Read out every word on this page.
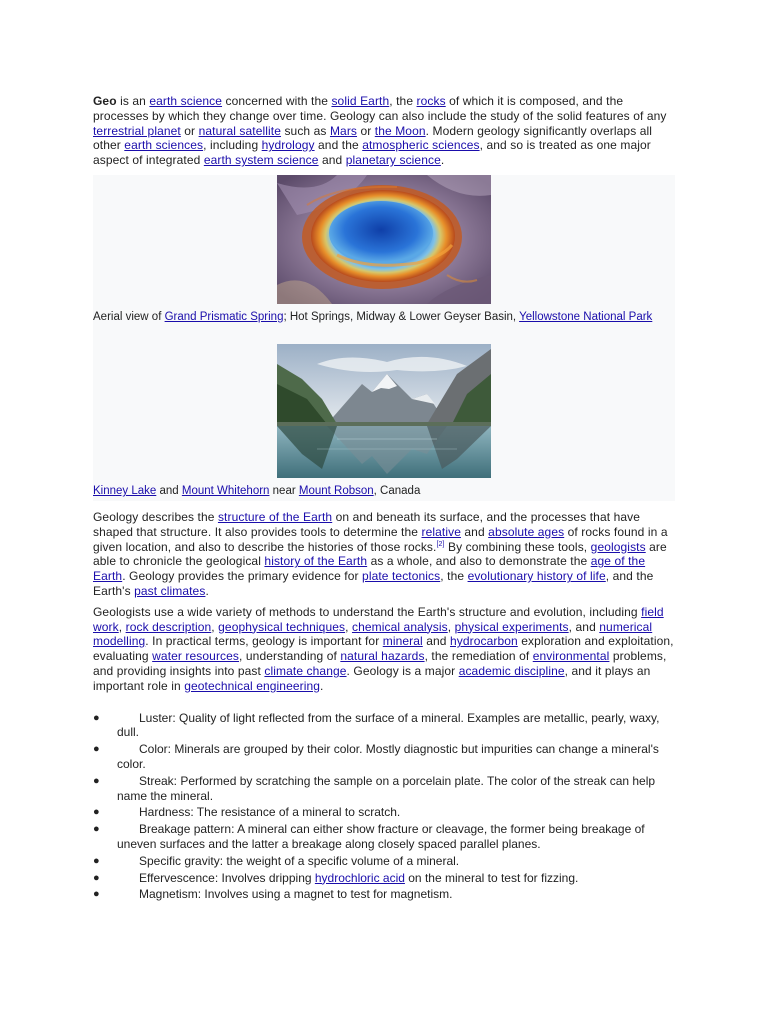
Geo is an earth science concerned with the solid Earth, the rocks of which it is composed, and the processes by which they change over time. Geology can also include the study of the solid features of any terrestrial planet or natural satellite such as Mars or the Moon. Modern geology significantly overlaps all other earth sciences, including hydrology and the atmospheric sciences, and so is treated as one major aspect of integrated earth system science and planetary science.

Aerial view of Grand Prismatic Spring; Hot Springs, Midway & Lower Geyser Basin, Yellowstone National Park
Kinney Lake and Mount Whitehorn near Mount Robson, Canada

Geology describes the structure of the Earth on and beneath its surface, and the processes that have shaped that structure. It also provides tools to determine the relative and absolute ages of rocks found in a given location, and also to describe the histories of those rocks.[2] By combining these tools, geologists are able to chronicle the geological history of the Earth as a whole, and also to demonstrate the age of the Earth. Geology provides the primary evidence for plate tectonics, the evolutionary history of life, and the Earth's past climates.

Geologists use a wide variety of methods to understand the Earth's structure and evolution, including field work, rock description, geophysical techniques, chemical analysis, physical experiments, and numerical modelling. In practical terms, geology is important for mineral and hydrocarbon exploration and exploitation, evaluating water resources, understanding of natural hazards, the remediation of environmental problems, and providing insights into past climate change. Geology is a major academic discipline, and it plays an important role in geotechnical engineering.

●	Luster: Quality of light reflected from the surface of a mineral. Examples are metallic, pearly, waxy, dull.
●	Color: Minerals are grouped by their color. Mostly diagnostic but impurities can change a mineral's color.
●	Streak: Performed by scratching the sample on a porcelain plate. The color of the streak can help name the mineral.
●	Hardness: The resistance of a mineral to scratch.
●	Breakage pattern: A mineral can either show fracture or cleavage, the former being breakage of uneven surfaces and the latter a breakage along closely spaced parallel planes.
●	Specific gravity: the weight of a specific volume of a mineral.
●	Effervescence: Involves dripping hydrochloric acid on the mineral to test for fizzing.
●	Magnetism: Involves using a magnet to test for magnetism.
